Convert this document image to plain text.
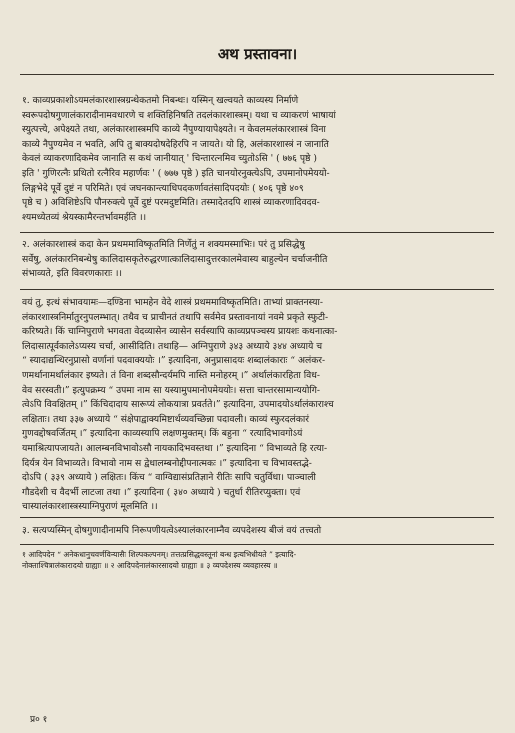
अथ प्रस्तावना।
१. काव्यप्रकाशोऽयमलंकारशास्त्रग्रन्थेकतमो निबन्धः। यस्मिन् खल्वयते काव्यस्य निर्माणे
स्वरूपदोषगुणालंकारादीनामवधारणे च शक्तिहिनिषति तदलंकारशास्त्रम्। यथा च व्याकरणं भाषायां
स्युत्पत्त्ये, अपेक्ष्यते तथा, अलंकारशास्त्रमपि काव्ये नैपुण्यायापेक्ष्यते। न केवलमलंकारशास्त्रं विना
काव्ये नैपुण्यमेव न भवति, अपि तु बाक्यदोषदेहिरपि न जायते। यो हि, अलंकारशास्त्रं न जानाति
केवलं व्याकरणादिकमेव जानाति स कथं जानीयात् ' चिन्तारत्नमिव च्युतोऽसि ' ( ७७६ पृष्ठे )
इति ' गुणिरत्नैः प्रथितो रत्नैरिव महार्णवः ' ( ७७७ पृष्ठे ) इति चानयोरनुक्त्येऽपि, उपमानोपमेययो-
लिङ्गभेदे पूर्वे दुष्टं न परिमिते। एवं जघनकान्त्याधिपदकर्णावतंसादिपदयोः ( ४०६ पृष्ठे ४०९
पृष्ठे च ) अविशिष्टेऽपि पौनरुक्त्ये पूर्वे दुष्टं परमदुष्टमिति। तस्मादेतदपि शास्त्रं व्याकरणादिवदव-
श्यमध्येतव्यं श्रेयस्कामैरन्तर्भावमर्हति ।।
२. अलंकारशास्त्रं कदा केन प्रथममाविष्कृतमिति निर्णेतुं न शक्यमस्माभिः। परं तु प्रसिद्धेषु
सर्वेषु, अलंकारनिबन्धेषु कालिदासकृतेरुद्धरणात्कालिदासादुत्तरकालमेवास्य बाहुल्येन चर्चाजनीति
संभाव्यते, इति विवरणकाराः ।।
वयं तु, इत्थं संभावयामः—दण्डिना भामहेन वेदे शास्त्रं प्रथममाविष्कृतमिति। ताभ्यां प्राक्तनस्या-
लंकारशास्त्रनिर्मातुरनुपलम्भात्। तथैव च प्राचीनतं तथापि सर्वमेव प्रस्तावनायां नवमे प्रकृते स्फुटी-
करिष्यते। किं चाग्निपुराणे भगवता वेदव्यासेन व्यासेन सर्वस्यापि काव्यप्रपञ्चस्य प्रायशः कथनात्का-
लिदासात्पूर्वकालेऽप्यस्य चर्चा, आसीदिति। तथाहि— अग्निपुराणे ३४३ अध्याये ३४४ अध्याये च
“ स्यादाद्यन्धिरनुप्रासो वर्णानां पदवाक्ययोः ।” इत्यादिना, अनुप्रासादयः शब्दालंकाराः “ अलंकर-
णमर्थानामर्थालंकार इष्यते। तं विना शब्दसौन्दर्यमपि नास्ति मनोहरम् ।” अर्थालंकारहिता विध-
वेव सरस्वती।” इत्युपक्रम्य “ उपमा नाम सा यस्यामुपमानोपमेययोः। सत्ता चान्तरसामान्ययोगि-
त्वेऽपि विवक्षितम् ।” किंचिदादाय सारूप्यं लोकयात्रा प्रवर्तते।” इत्यादिना, उपमादयोऽर्थालंकाराश्च
लक्षिताः। तथा ३३७ अध्याये “ संक्षेपाद्वाक्यमिष्टार्थव्यवच्छिन्ना पदावली। काव्यं स्फुरदलंकारं
गुणवद्दोषवर्जितम् ।” इत्यादिना काव्यस्यापि लक्षणमुक्तम्। किं बहुना “ रत्यादिभावगोऽयं
यमाश्रित्यापजायते। आलम्बनविभावोऽसौ नायकादिभवस्तथा ।” इत्यादिना “ विभाव्यते हि रत्या-
दिर्यत्र येन विभाव्यते। विभावो नाम स द्वेधालम्बनोद्दीपनात्मकः ।” इत्यादिना च विभावस्तद्भे-
दोऽपि ( ३३९ अध्याये ) लक्षितः। किंच “ वाग्विद्यासंप्रतिज्ञाने रीतिः सापि चतुर्विधा। पाञ्चाली
गौडदेशी च वैदर्भी लाटजा तथा ।” इत्यादिना ( ३४० अध्याये ) चतुर्धा रीतिरप्युक्ता। एवं
चास्यालंकारशास्त्रस्याग्निपुराणं मूलमिति ।।
३. सत्यप्यस्मिन् दोषगुणादीनामपि निरूपणीयत्वेऽस्यालंकारनाम्नैव व्यपदेशस्य बीजं वयं तत्त्वतो
१ आदिपदेन “ अनेकधानुचवर्णविन्यासैः शिल्पकल्पनम्। तत्तत्प्रसिद्धवस्तूनां बन्ध इत्यभिधीयते ” इत्यादि-
नोक्ताश्चित्रालंकारादयो ग्राह्याः ॥ २ आदिपदेनालंकारसादयो ग्राह्याः ॥ ३ व्यपदेशस्य व्यवहारस्य ॥
प्र० १
